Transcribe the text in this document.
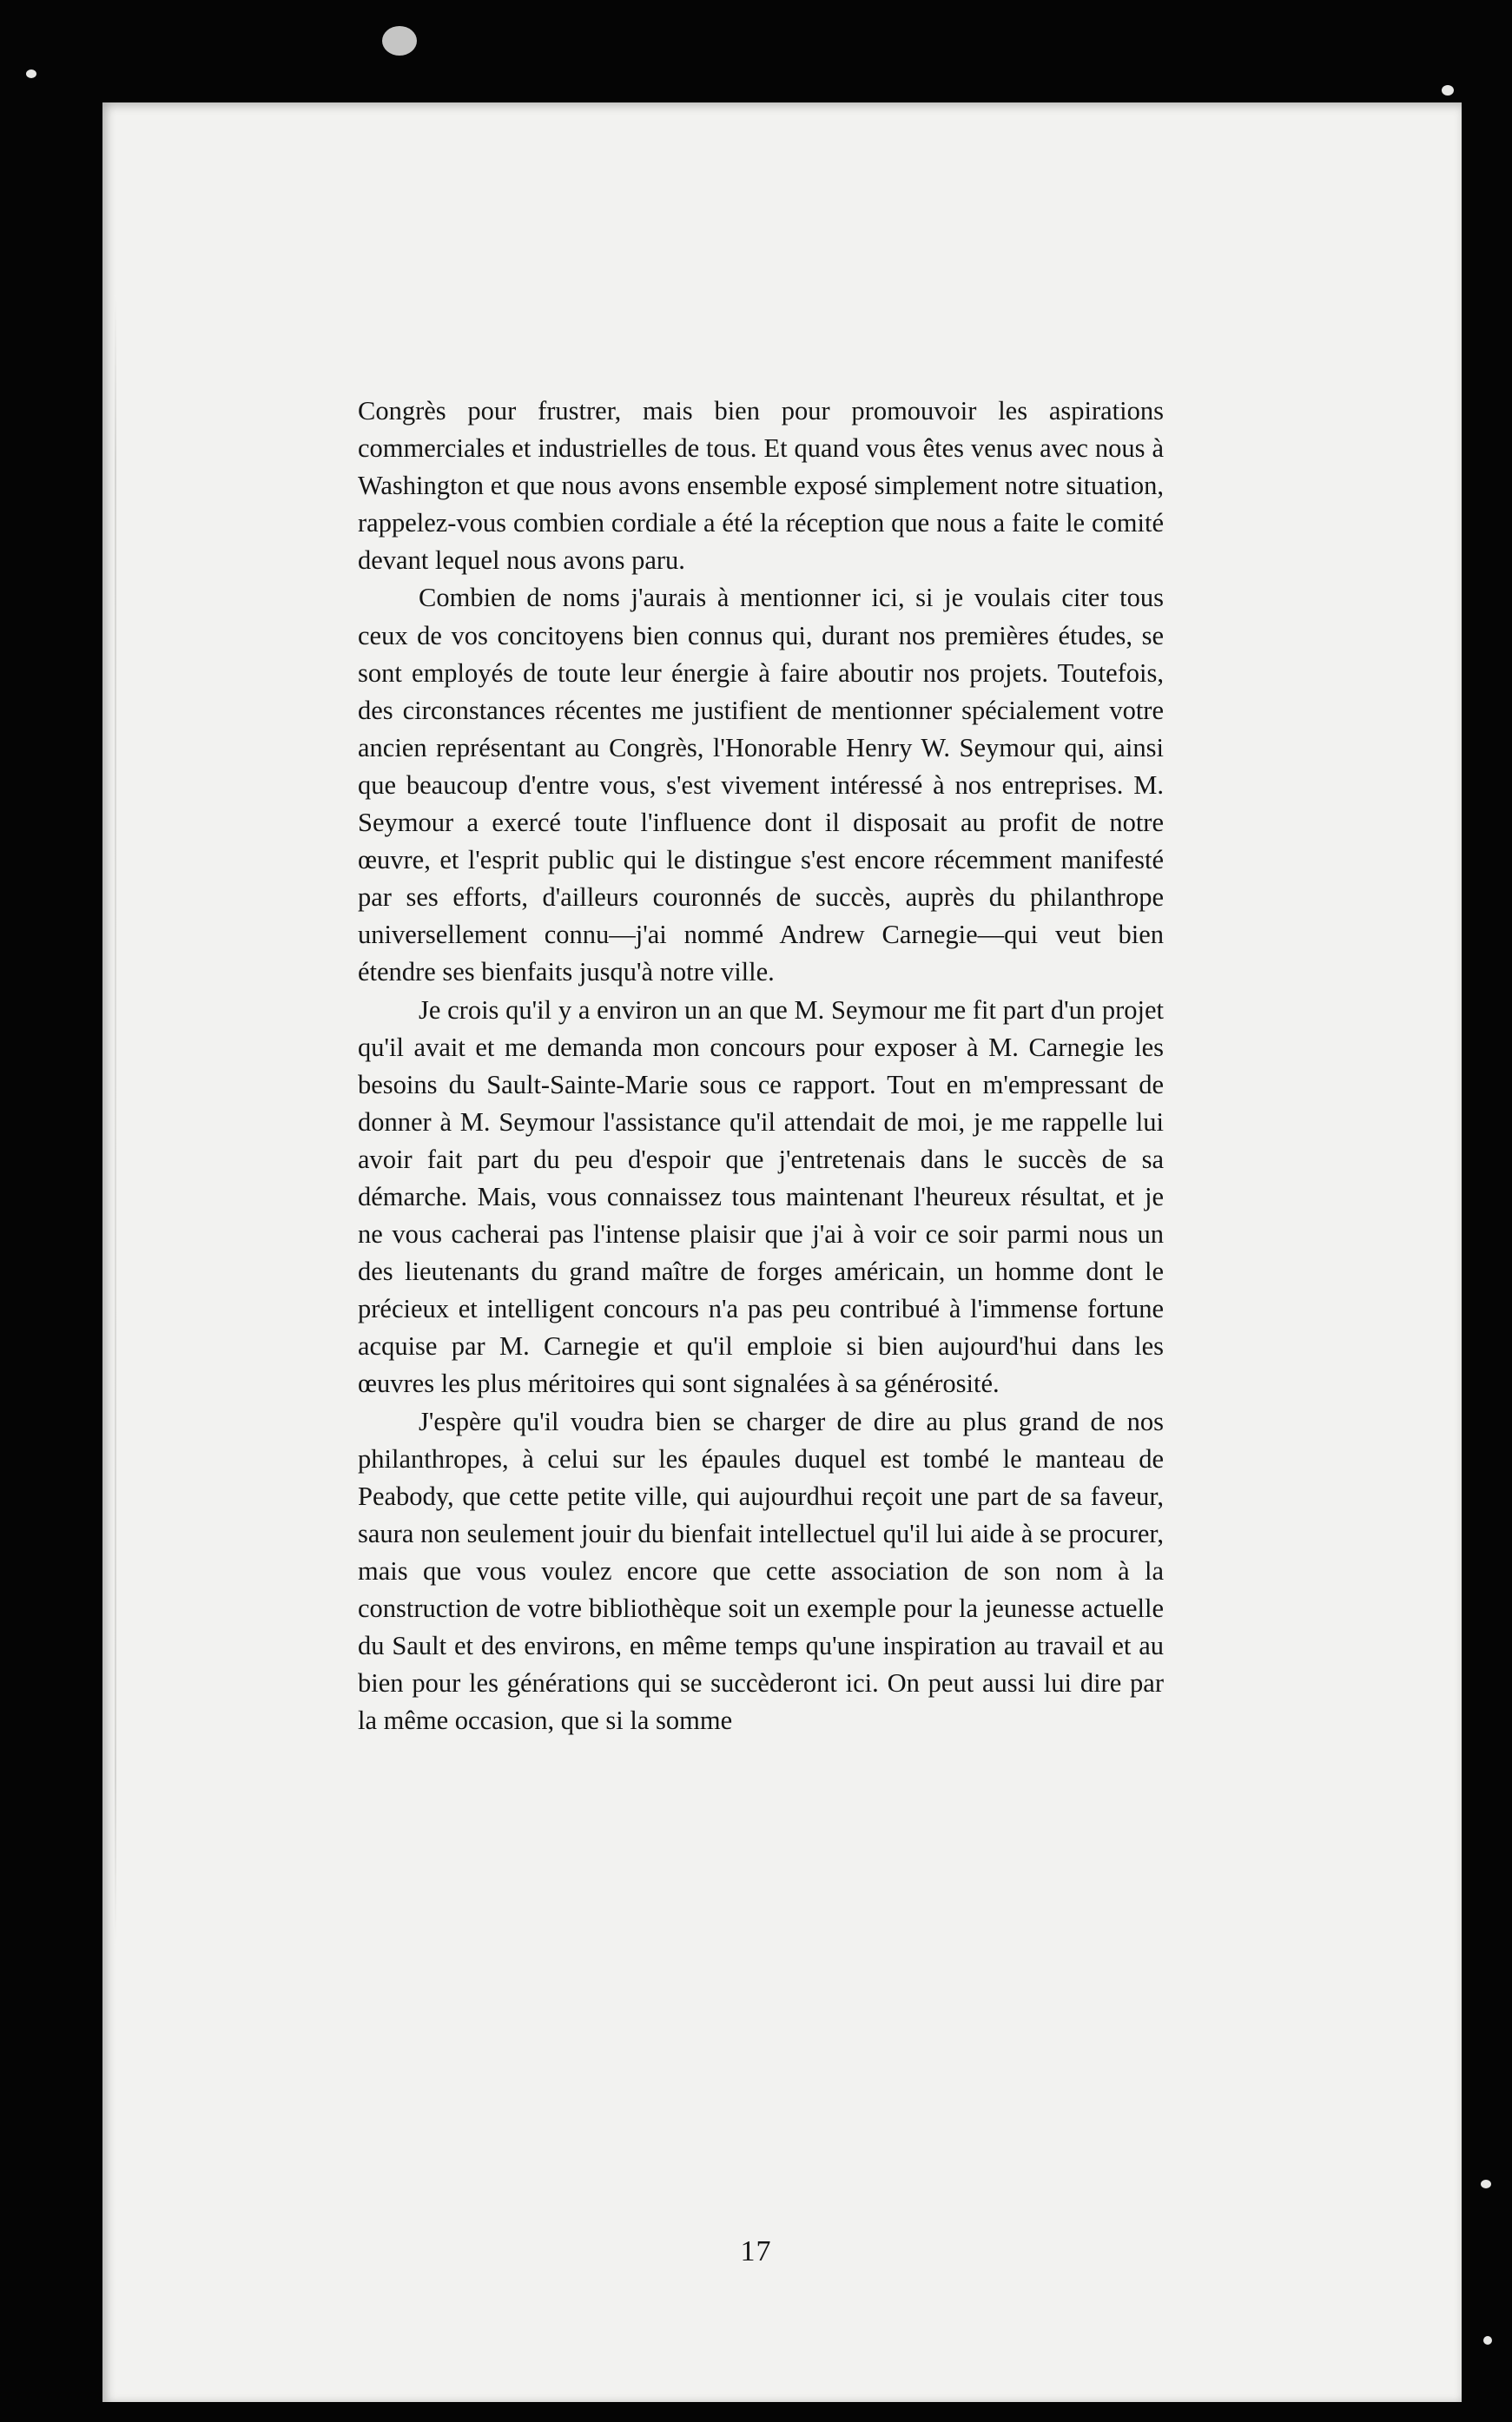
Congrès pour frustrer, mais bien pour promouvoir les aspirations commerciales et industrielles de tous. Et quand vous êtes venus avec nous à Washington et que nous avons ensemble exposé simplement notre situation, rappelez-vous combien cordiale a été la réception que nous a faite le comité devant lequel nous avons paru.

Combien de noms j'aurais à mentionner ici, si je voulais citer tous ceux de vos concitoyens bien connus qui, durant nos premières études, se sont employés de toute leur énergie à faire aboutir nos projets. Toutefois, des circonstances récentes me justifient de mentionner spécialement votre ancien représentant au Congrès, l'Honorable Henry W. Seymour qui, ainsi que beaucoup d'entre vous, s'est vivement intéressé à nos entreprises. M. Seymour a exercé toute l'influence dont il disposait au profit de notre œuvre, et l'esprit public qui le distingue s'est encore récemment manifesté par ses efforts, d'ailleurs couronnés de succès, auprès du philanthrope universellement connu—j'ai nommé Andrew Carnegie—qui veut bien étendre ses bienfaits jusqu'à notre ville.

Je crois qu'il y a environ un an que M. Seymour me fit part d'un projet qu'il avait et me demanda mon concours pour exposer à M. Carnegie les besoins du Sault-Sainte-Marie sous ce rapport. Tout en m'empressant de donner à M. Seymour l'assistance qu'il attendait de moi, je me rappelle lui avoir fait part du peu d'espoir que j'entretenais dans le succès de sa démarche. Mais, vous connaissez tous maintenant l'heureux résultat, et je ne vous cacherai pas l'intense plaisir que j'ai à voir ce soir parmi nous un des lieutenants du grand maître de forges américain, un homme dont le précieux et intelligent concours n'a pas peu contribué à l'immense fortune acquise par M. Carnegie et qu'il emploie si bien aujourd'hui dans les œuvres les plus méritoires qui sont signalées à sa générosité.

J'espère qu'il voudra bien se charger de dire au plus grand de nos philanthropes, à celui sur les épaules duquel est tombé le manteau de Peabody, que cette petite ville, qui aujourdhui reçoit une part de sa faveur, saura non seulement jouir du bienfait intellectuel qu'il lui aide à se procurer, mais que vous voulez encore que cette association de son nom à la construction de votre bibliothèque soit un exemple pour la jeunesse actuelle du Sault et des environs, en même temps qu'une inspiration au travail et au bien pour les générations qui se succèderont ici. On peut aussi lui dire par la même occasion, que si la somme

17
